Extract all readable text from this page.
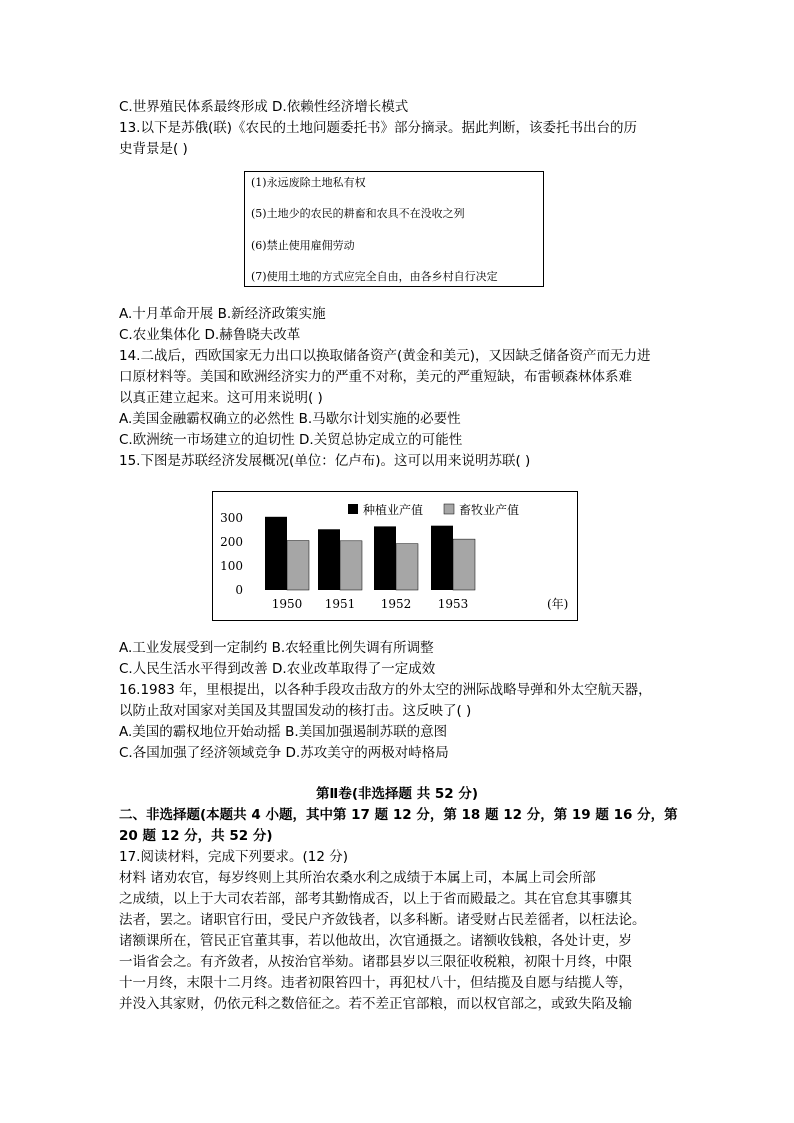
C.世界殖民体系最终形成 D.依赖性经济增长模式
13.以下是苏俄(联)《农民的土地问题委托书》部分摘录。据此判断，该委托书出台的历
史背景是( )
(1)永远废除土地私有权
(5)土地少的农民的耕畜和农具不在没收之列
(6)禁止使用雇佣劳动
(7)使用土地的方式应完全自由，由各乡村自行决定
A.十月革命开展 B.新经济政策实施
C.农业集体化 D.赫鲁晓夫改革
14.二战后，西欧国家无力出口以换取储备资产(黄金和美元)，又因缺乏储备资产而无力进
口原材料等。美国和欧洲经济实力的严重不对称，美元的严重短缺，布雷顿森林体系难
以真正建立起来。这可用来说明( )
A.美国金融霸权确立的必然性 B.马歇尔计划实施的必要性
C.欧洲统一市场建立的迫切性 D.关贸总协定成立的可能性
15.下图是苏联经济发展概况(单位：亿卢布)。这可以用来说明苏联( )
种植业产值	畜牧业产值
300
200
100
0
1950 1951 1952 1953	(年)
A.工业发展受到一定制约 B.农轻重比例失调有所调整
C.人民生活水平得到改善 D.农业改革取得了一定成效
16.1983 年，里根提出，以各种手段攻击敌方的外太空的洲际战略导弹和外太空航天器，
以防止敌对国家对美国及其盟国发动的核打击。这反映了( )
A.美国的霸权地位开始动摇 B.美国加强遏制苏联的意图
C.各国加强了经济领域竞争 D.苏攻美守的两极对峙格局
第Ⅱ卷(非选择题 共 52 分)
二、非选择题(本题共 4 小题，其中第 17 题 12 分，第 18 题 12 分，第 19 题 16 分，第
20 题 12 分，共 52 分)
17.阅读材料，完成下列要求。(12 分)
材料 诸劝农官，每岁终则上其所治农桑水利之成绩于本属上司，本属上司会所部
之成绩，以上于大司农若部，部考其勤惰成否，以上于省而殿最之。其在官怠其事隳其
法者，罢之。诸职官行田，受民户齐敛钱者，以多科断。诸受财占民差徭者，以枉法论。
诸额课所在，管民正官董其事，若以他故出，次官通摄之。诸额收钱粮，各处计吏，岁
一诣省会之。有齐敛者，从按治官举劾。诸郡县岁以三限征收税粮，初限十月终，中限
十一月终，末限十二月终。违者初限笞四十，再犯杖八十，但结揽及自愿与结揽人等，
并没入其家财，仍依元科之数倍征之。若不差正官部粮，而以权官部之，或致失陷及输
